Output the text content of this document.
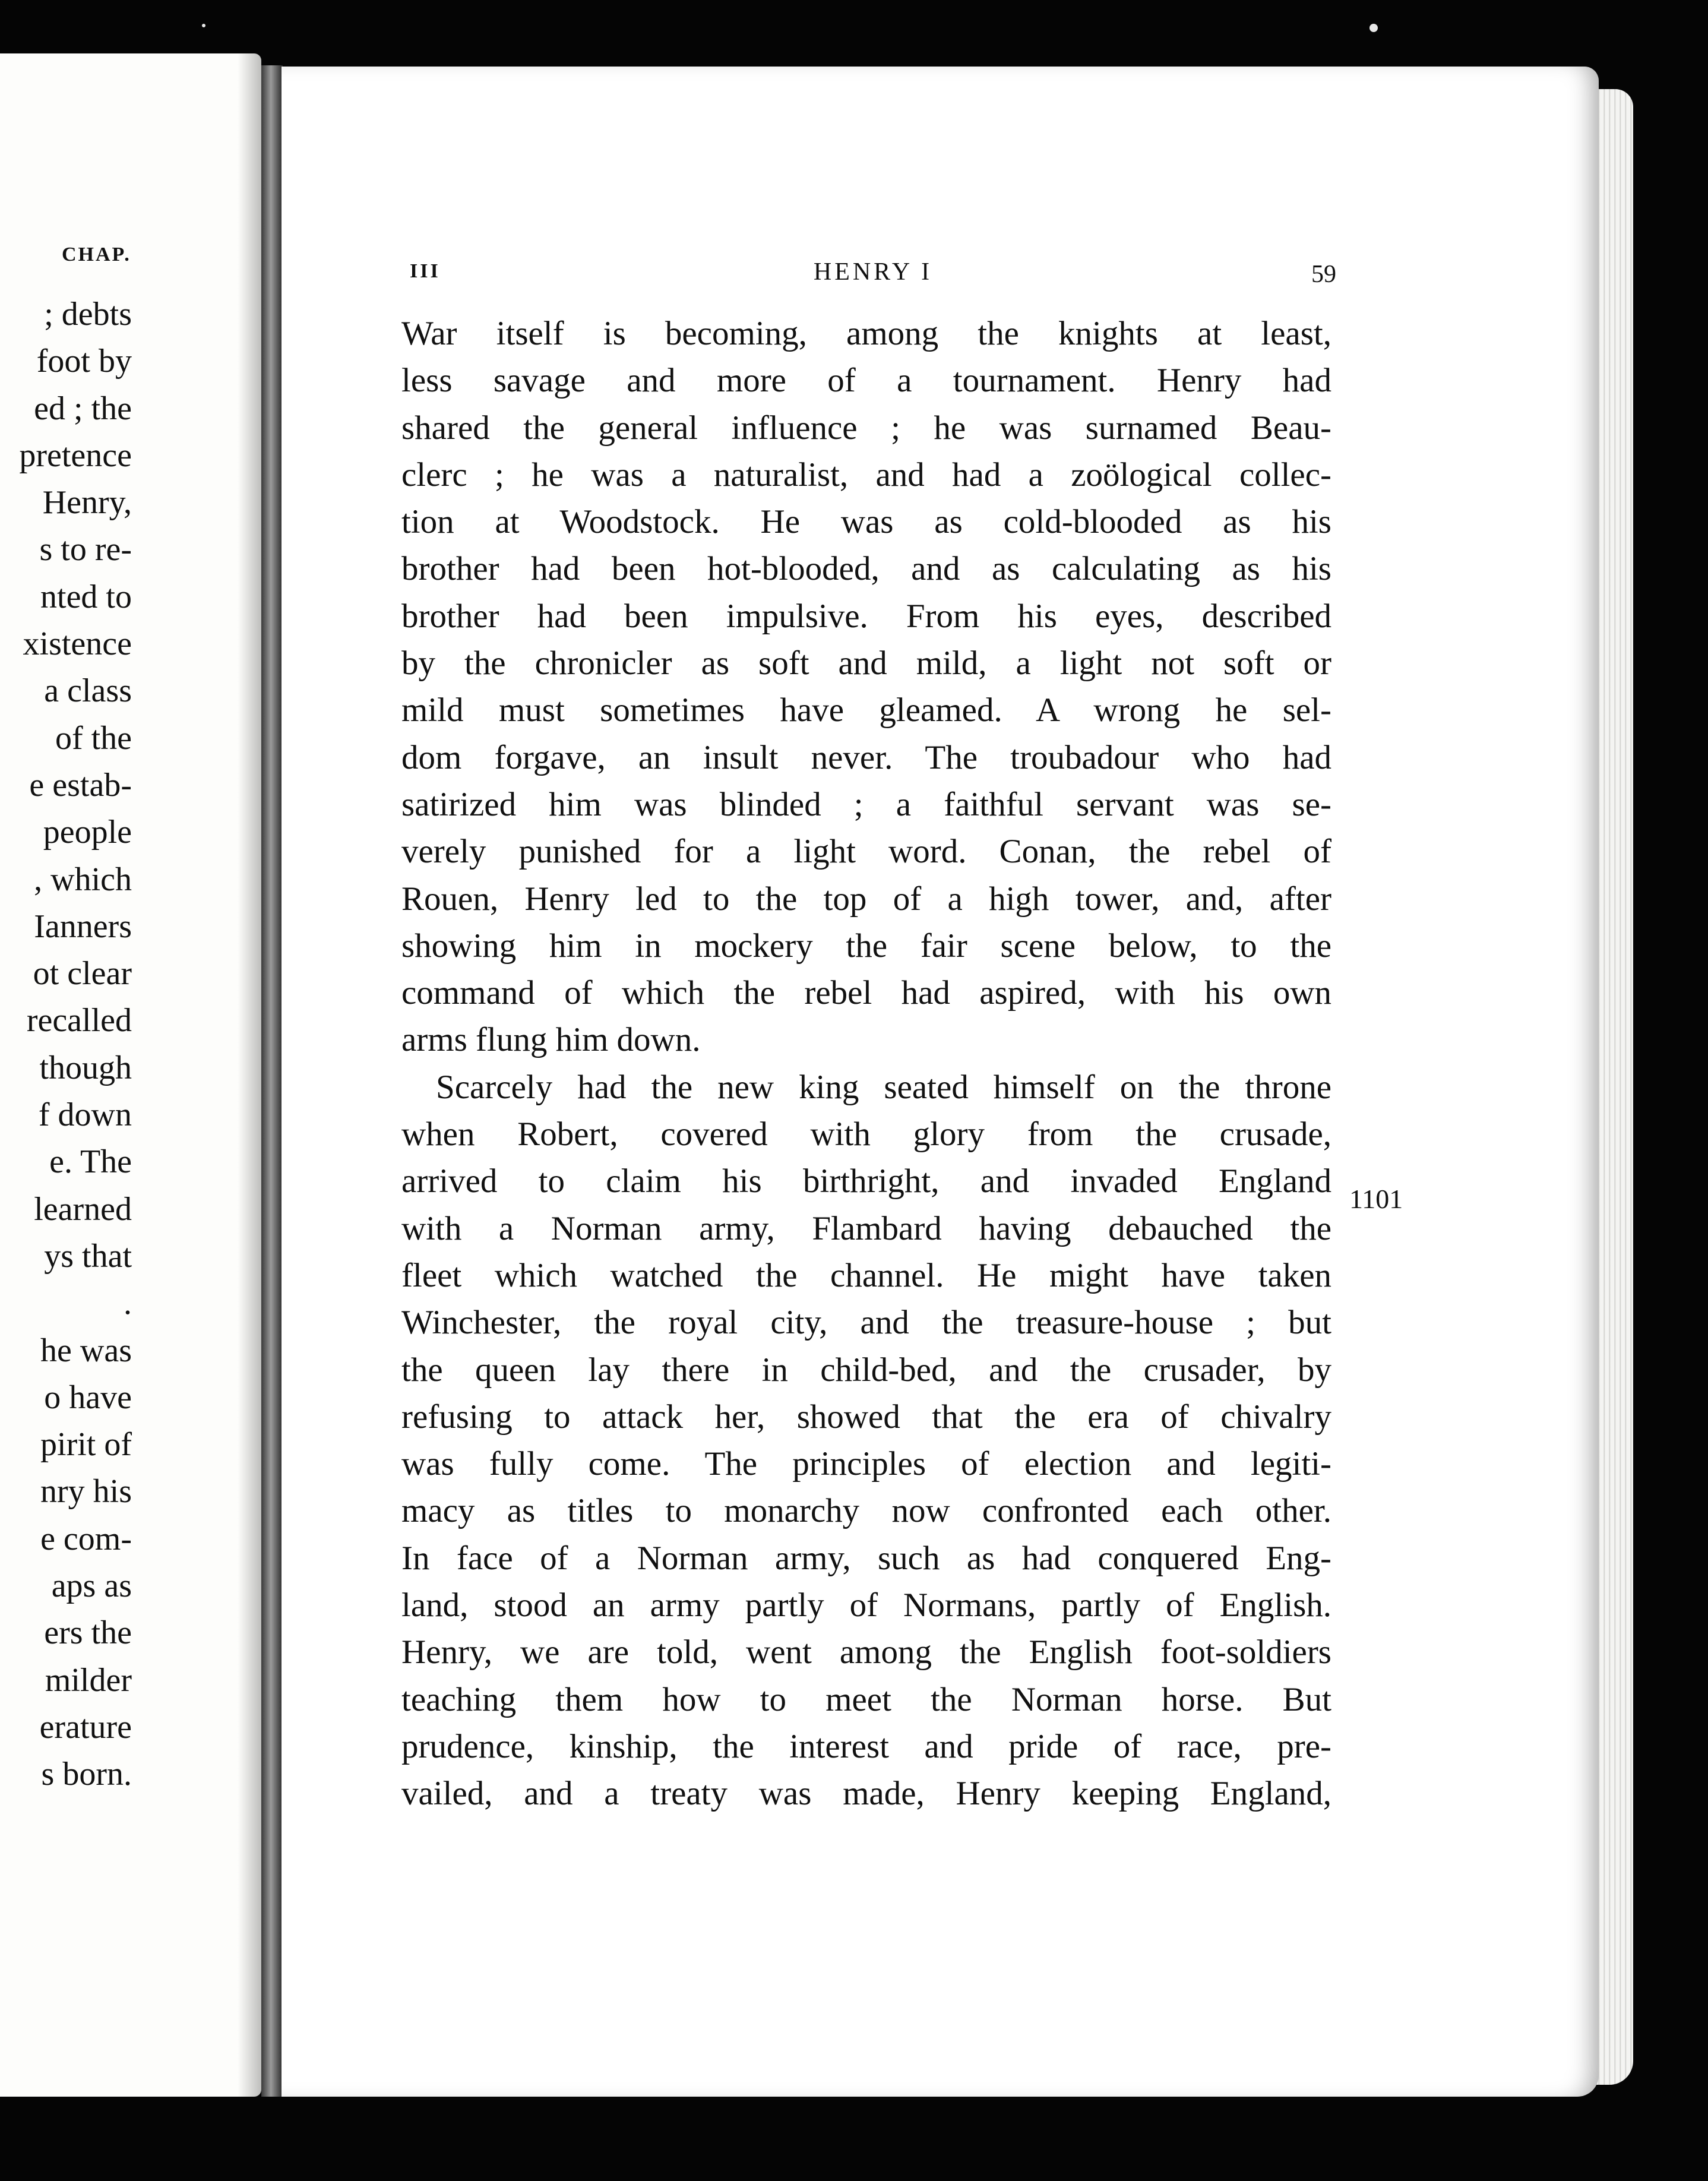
CHAP.
; debts
foot by
ed ; the
pretence
Henry,
s to re-
nted to
xistence
a class
of the
e estab-
people
, which
Ianners
ot clear
recalled
though
f down
e. The
learned
ys that
.
he was
o have
pirit of
nry his
e com-
aps as
ers the
milder
erature
s born.
III	HENRY I	59
War itself is becoming, among the knights at least,
less savage and more of a tournament. Henry had
shared the general influence ; he was surnamed Beau-
clerc ; he was a naturalist, and had a zoölogical collec-
tion at Woodstock. He was as cold-blooded as his
brother had been hot-blooded, and as calculating as his
brother had been impulsive. From his eyes, described
by the chronicler as soft and mild, a light not soft or
mild must sometimes have gleamed. A wrong he sel-
dom forgave, an insult never. The troubadour who had
satirized him was blinded ; a faithful servant was se-
verely punished for a light word. Conan, the rebel of
Rouen, Henry led to the top of a high tower, and, after
showing him in mockery the fair scene below, to the
command of which the rebel had aspired, with his own
arms flung him down.
Scarcely had the new king seated himself on the throne
when Robert, covered with glory from the crusade,
arrived to claim his birthright, and invaded England
with a Norman army, Flambard having debauched the
fleet which watched the channel. He might have taken
Winchester, the royal city, and the treasure-house ; but
the queen lay there in child-bed, and the crusader, by
refusing to attack her, showed that the era of chivalry
was fully come. The principles of election and legiti-
macy as titles to monarchy now confronted each other.
In face of a Norman army, such as had conquered Eng-
land, stood an army partly of Normans, partly of English.
Henry, we are told, went among the English foot-soldiers
teaching them how to meet the Norman horse. But
prudence, kinship, the interest and pride of race, pre-
vailed, and a treaty was made, Henry keeping England,
1101
